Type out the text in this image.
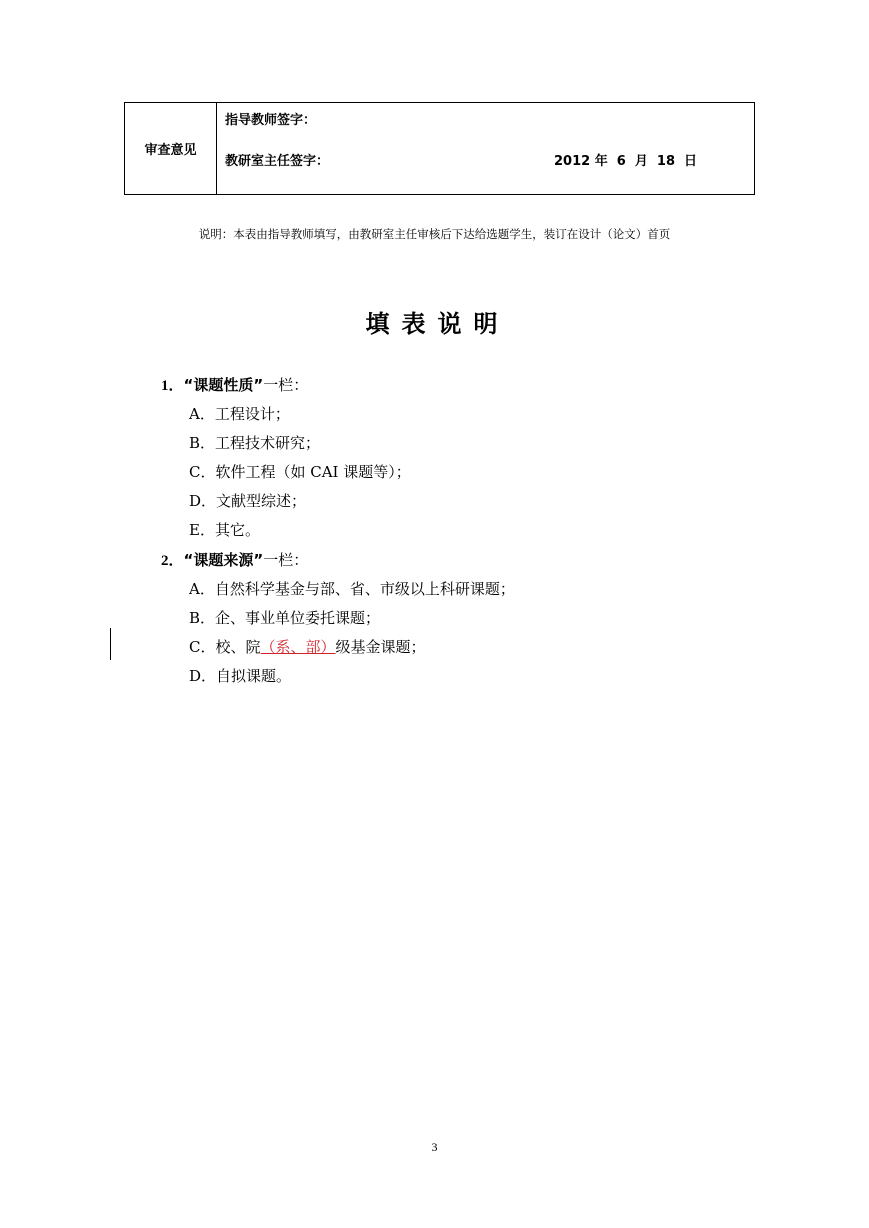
审查意见
指导教师签字：
教研室主任签字：	2012 年  6  月  18  日
说明：本表由指导教师填写，由教研室主任审核后下达给选题学生，装订在设计（论文）首页
填表说明
1．“课题性质”一栏：
A．工程设计；
B．工程技术研究；
C．软件工程（如 CAI 课题等）；
D．文献型综述；
E．其它。
2．“课题来源”一栏：
A．自然科学基金与部、省、市级以上科研课题；
B．企、事业单位委托课题；
C．校、院（系、部）级基金课题；
D．自拟课题。
3
